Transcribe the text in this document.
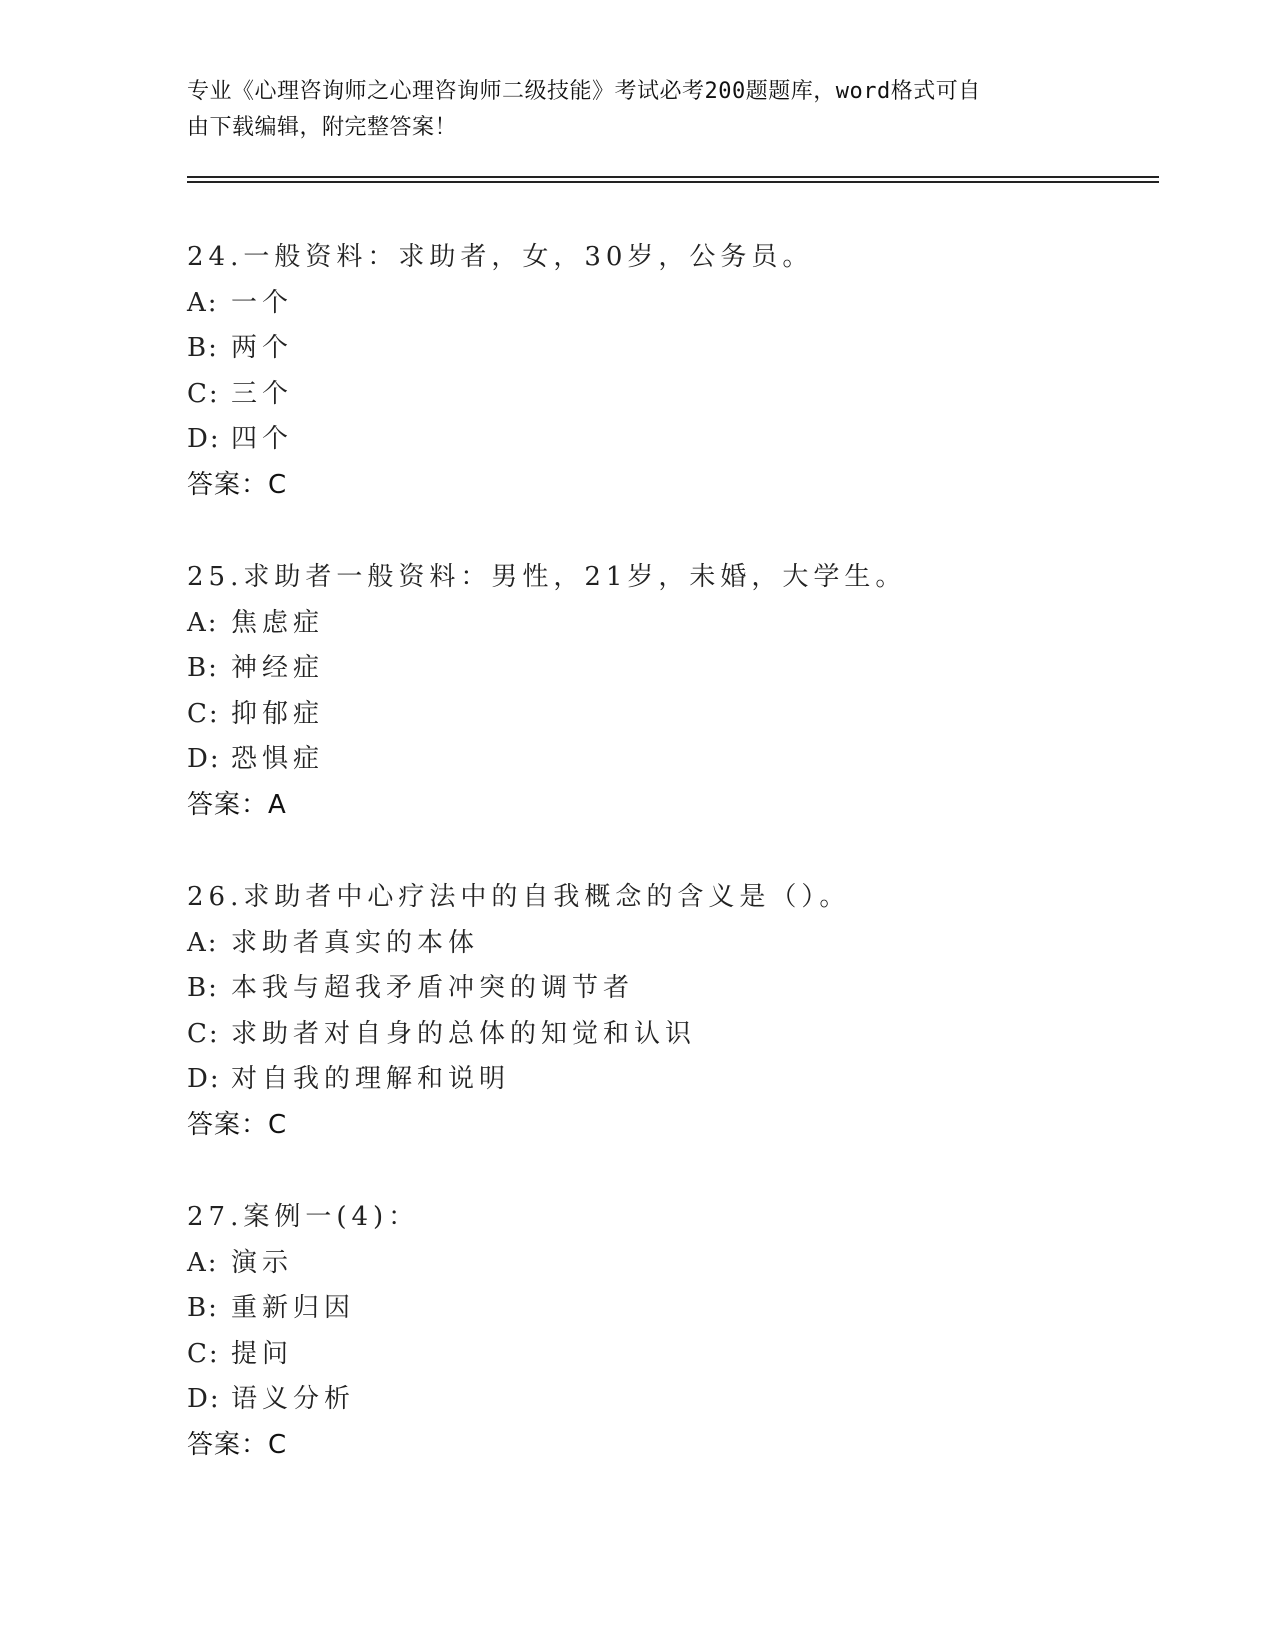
专业《心理咨询师之心理咨询师二级技能》考试必考200题题库，word格式可自
由下载编辑，附完整答案！
24.一般资料：求助者，女，30岁，公务员。
A: 一个
B: 两个
C: 三个
D: 四个
答案：C
25.求助者一般资料：男性，21岁，未婚，大学生。
A: 焦虑症
B: 神经症
C: 抑郁症
D: 恐惧症
答案：A
26.求助者中心疗法中的自我概念的含义是（）。
A: 求助者真实的本体
B: 本我与超我矛盾冲突的调节者
C: 求助者对自身的总体的知觉和认识
D: 对自我的理解和说明
答案：C
27.案例一(4)：
A: 演示
B: 重新归因
C: 提问
D: 语义分析
答案：C
